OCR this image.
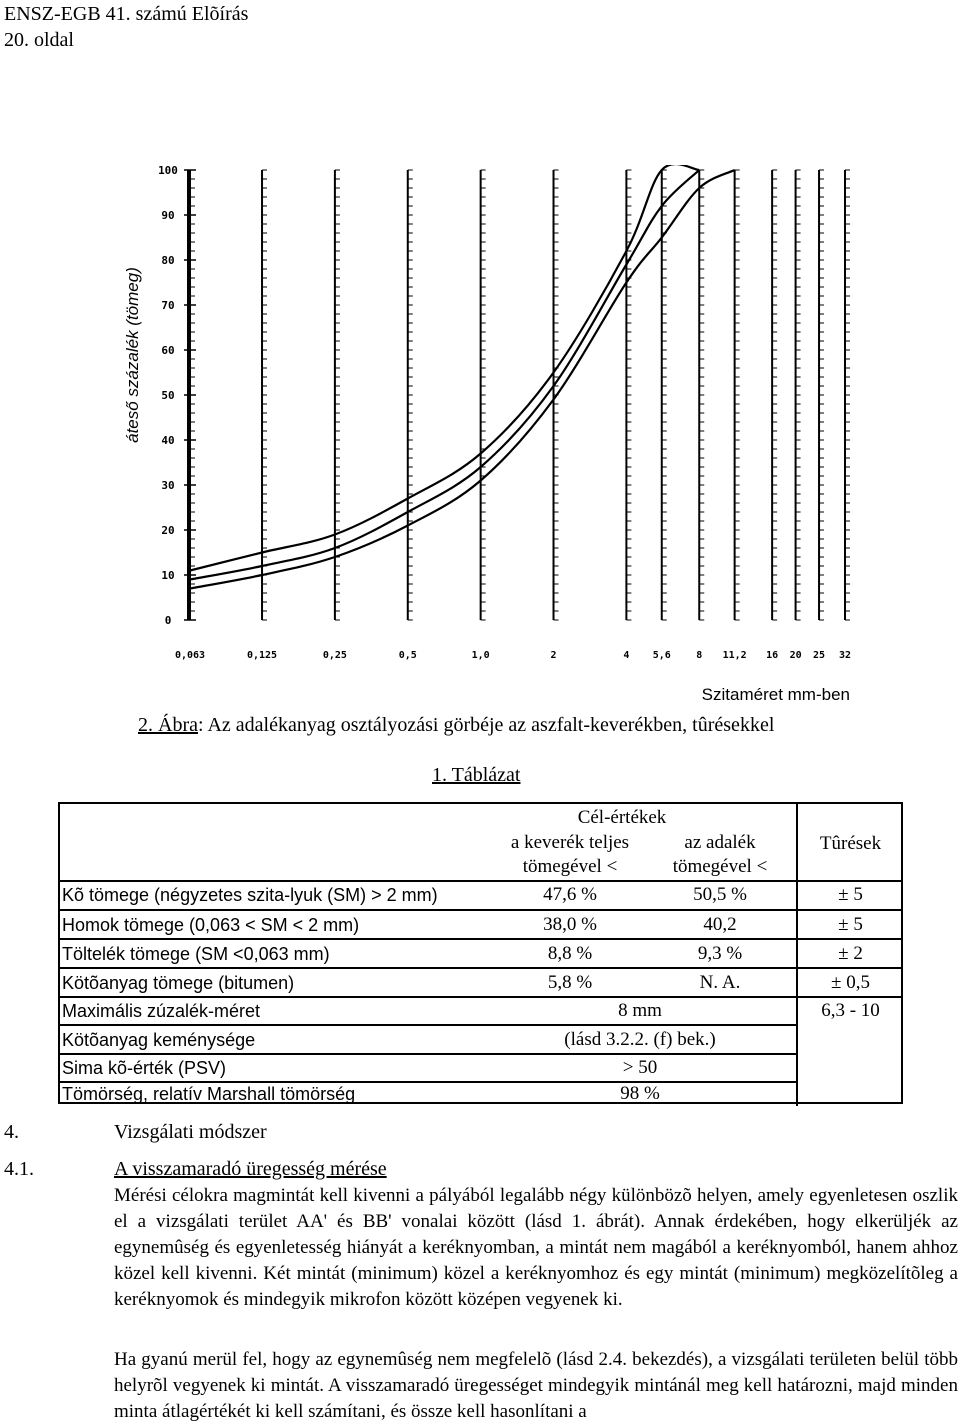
ENSZ-EGB 41. számú Elõírás
20. oldal
100
90
80
70
60
50
40
30
20
10
0
0,063	0,125	0,25	0,5	1,0	2	4 5,6	8 11,2 16 20 25 32
áteső százalék (tömeg)
Szitaméret mm-ben
2. Ábra: Az adalékanyag osztályozási görbéje az aszfalt-keverékben, tûrésekkel
1. Táblázat
Cél-értékek
a keverék teljes
tömegével <
az adalék
tömegével <
Tûrések
Kõ tömege (négyzetes szita-lyuk (SM) > 2 mm)	47,6 %	50,5 %	± 5
Homok tömege (0,063 < SM < 2 mm)	38,0 %	40,2	± 5
Töltelék tömege (SM <0,063 mm)	8,8 %	9,3 %	± 2
Kötõanyag tömege (bitumen)	5,8 %	N. A.	± 0,5
Maximális zúzalék-méret	8 mm	6,3 - 10
Kötõanyag keménysége	(lásd 3.2.2. (f) bek.)
Sima kõ-érték (PSV)	> 50
Tömörség, relatív Marshall tömörség	98 %
4.	Vizsgálati módszer
4.1.	A visszamaradó üregesség mérése
Mérési célokra magmintát kell kivenni a pályából legalább négy különbözõ helyen, amely egyenletesen oszlik el a vizsgálati terület AA' és BB' vonalai között (lásd 1. ábrát). Annak érdekében, hogy elkerüljék az egynemûség és egyenletesség hiányát a keréknyomban, a mintát nem magából a keréknyomból, hanem ahhoz közel kell kivenni. Két mintát (minimum) közel a keréknyomhoz és egy mintát (minimum) megközelítõleg a keréknyomok és mindegyik mikrofon között középen vegyenek ki.
Ha gyanú merül fel, hogy az egynemûség nem megfelelõ (lásd 2.4. bekezdés), a vizsgálati területen belül több helyrõl vegyenek ki mintát. A visszamaradó üregességet mindegyik mintánál meg kell határozni, majd minden minta átlagértékét ki kell számítani, és össze kell hasonlítani a
